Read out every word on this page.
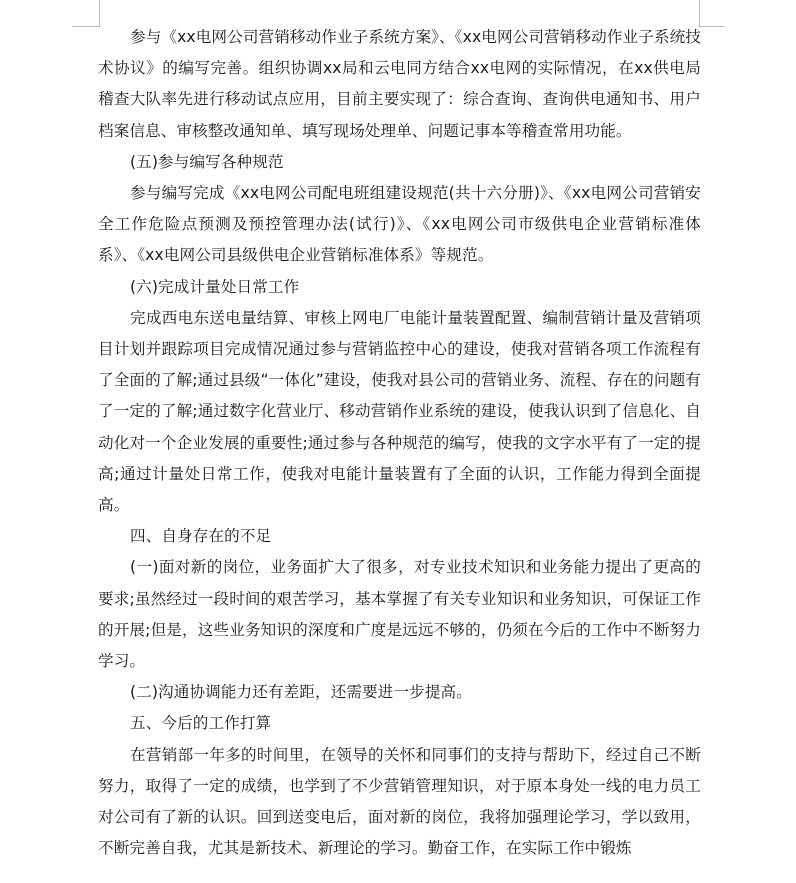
参与《xx电网公司营销移动作业子系统方案》、《xx电网公司营销移动作业子系统技术协议》的编写完善。组织协调xx局和云电同方结合xx电网的实际情况，在xx供电局稽查大队率先进行移动试点应用，目前主要实现了：综合查询、查询供电通知书、用户档案信息、审核整改通知单、填写现场处理单、问题记事本等稽查常用功能。

(五)参与编写各种规范

参与编写完成《xx电网公司配电班组建设规范(共十六分册)》、《xx电网公司营销安全工作危险点预测及预控管理办法(试行)》、《xx电网公司市级供电企业营销标准体系》、《xx电网公司县级供电企业营销标准体系》等规范。

(六)完成计量处日常工作

完成西电东送电量结算、审核上网电厂电能计量装置配置、编制营销计量及营销项目计划并跟踪项目完成情况通过参与营销监控中心的建设，使我对营销各项工作流程有了全面的了解;通过县级“一体化”建设，使我对县公司的营销业务、流程、存在的问题有了一定的了解;通过数字化营业厅、移动营销作业系统的建设，使我认识到了信息化、自动化对一个企业发展的重要性;通过参与各种规范的编写，使我的文字水平有了一定的提高;通过计量处日常工作，使我对电能计量装置有了全面的认识，工作能力得到全面提高。

四、自身存在的不足

(一)面对新的岗位，业务面扩大了很多，对专业技术知识和业务能力提出了更高的要求;虽然经过一段时间的艰苦学习，基本掌握了有关专业知识和业务知识，可保证工作的开展;但是，这些业务知识的深度和广度是远远不够的，仍须在今后的工作中不断努力学习。

(二)沟通协调能力还有差距，还需要进一步提高。

五、今后的工作打算

在营销部一年多的时间里，在领导的关怀和同事们的支持与帮助下，经过自己不断努力，取得了一定的成绩，也学到了不少营销管理知识，对于原本身处一线的电力员工对公司有了新的认识。回到送变电后，面对新的岗位，我将加强理论学习，学以致用，不断完善自我，尤其是新技术、新理论的学习。勤奋工作，在实际工作中锻炼
